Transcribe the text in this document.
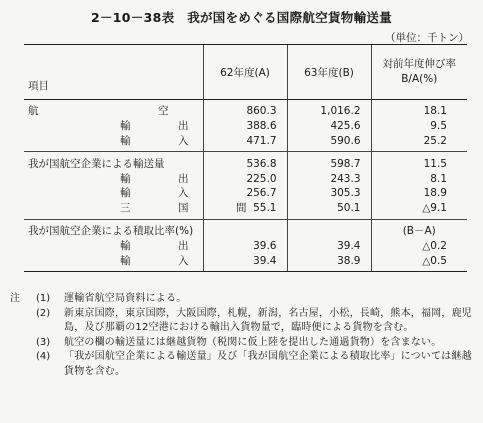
2－10－38表　我が国をめぐる国際航空貨物輸送量
（単位：千トン）
項目	62年度(A)	63年度(B)	対前年度伸び率
B/A(%)
航　　　空	860.3	1,016.2	18.1
輸　　　出	388.6	425.6	9.5
輸　　　入	471.7	590.6	25.2
我が国航空企業による輸送量	536.8	598.7	11.5
輸　　　出	225.0	243.3	8.1
輸　　　入	256.7	305.3	18.9
三　　　国　　　間	55.1	50.1	△9.1
我が国航空企業による積取比率(%)			(B－A)
輸　　　出	39.6	39.4	△0.2
輸　　　入	39.4	38.9	△0.5
注	(1)	運輸省航空局資料による。
(2)	新東京国際，東京国際，大阪国際，札幌，新潟，名古屋，小松，長崎，熊本，福岡，鹿児島，及び那覇の12空港における輸出入貨物量で，臨時便による貨物を含む。
(3)	航空の欄の輸送量には継越貨物（税関に仮上陸を提出した通過貨物）を含まない。
(4)	「我が国航空企業による輸送量」及び「我が国航空企業による積取比率」については継越貨物を含む。
